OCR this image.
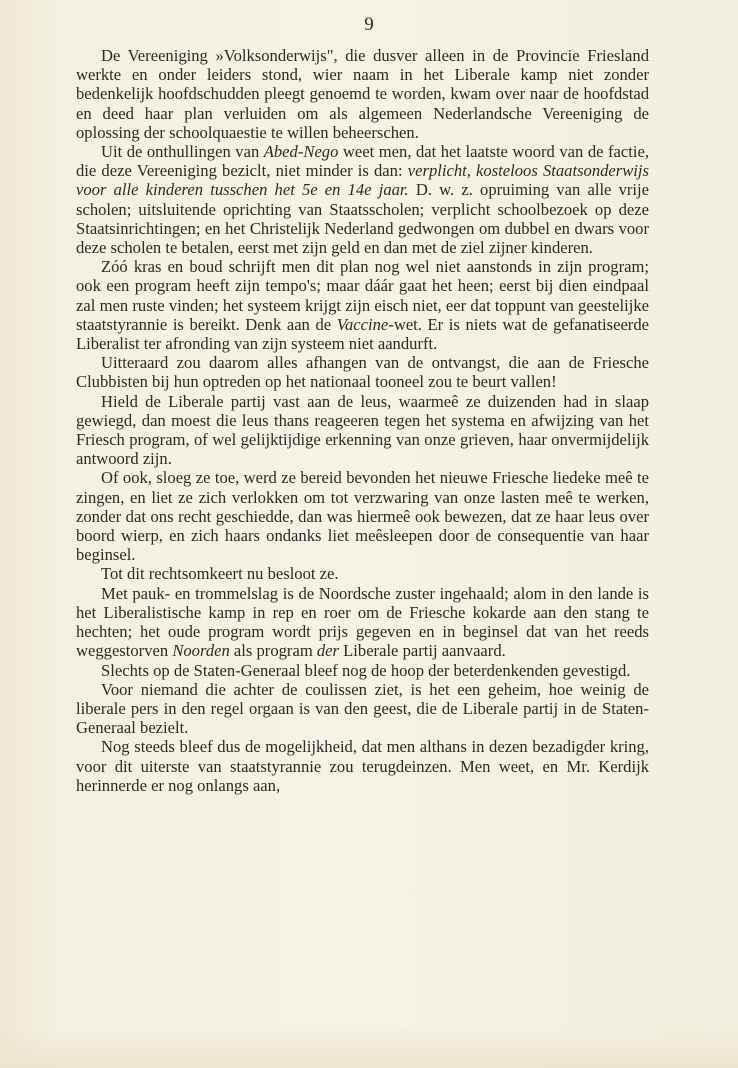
9

De Vereeniging »Volksonderwijs", die dusver alleen in de Provincie Friesland werkte en onder leiders stond, wier naam in het Liberale kamp niet zonder bedenkelijk hoofdschudden pleegt genoemd te worden, kwam over naar de hoofdstad en deed haar plan verluiden om als algemeen Nederlandsche Vereeniging de oplossing der schoolquaestie te willen beheerschen.

Uit de onthullingen van Abed-Nego weet men, dat het laatste woord van de factie, die deze Vereeniging beziclt, niet minder is dan: verplicht, kosteloos Staatsonderwijs voor alle kinderen tusschen het 5e en 14e jaar. D. w. z. opruiming van alle vrije scholen; uitsluitende oprichting van Staatsscholen; verplicht schoolbezoek op deze Staatsinrichtingen; en het Christelijk Nederland gedwongen om dubbel en dwars voor deze scholen te betalen, eerst met zijn geld en dan met de ziel zijner kinderen.

Zóó kras en boud schrijft men dit plan nog wel niet aanstonds in zijn program; ook een program heeft zijn tempo's; maar dáár gaat het heen; eerst bij dien eindpaal zal men ruste vinden; het systeem krijgt zijn eisch niet, eer dat toppunt van geestelijke staatstyrannie is bereikt. Denk aan de Vaccine-wet. Er is niets wat de gefanatiseerde Liberalist ter afronding van zijn systeem niet aandurft.

Uitteraard zou daarom alles afhangen van de ontvangst, die aan de Friesche Clubbisten bij hun optreden op het nationaal tooneel zou te beurt vallen!

Hield de Liberale partij vast aan de leus, waarmeê ze duizenden had in slaap gewiegd, dan moest die leus thans reageeren tegen het systema en afwijzing van het Friesch program, of wel gelijktijdige erkenning van onze grieven, haar onvermijdelijk antwoord zijn.

Of ook, sloeg ze toe, werd ze bereid bevonden het nieuwe Friesche liedeke meê te zingen, en liet ze zich verlokken om tot verzwaring van onze lasten meê te werken, zonder dat ons recht geschiedde, dan was hiermeê ook bewezen, dat ze haar leus over boord wierp, en zich haars ondanks liet meêsleepen door de consequentie van haar beginsel.

Tot dit rechtsomkeert nu besloot ze.

Met pauk- en trommelslag is de Noordsche zuster ingehaald; alom in den lande is het Liberalistische kamp in rep en roer om de Friesche kokarde aan den stang te hechten; het oude program wordt prijs gegeven en in beginsel dat van het reeds weggestorven Noorden als program der Liberale partij aanvaard.

Slechts op de Staten-Generaal bleef nog de hoop der beterdenkenden gevestigd.

Voor niemand die achter de coulissen ziet, is het een geheim, hoe weinig de liberale pers in den regel orgaan is van den geest, die de Liberale partij in de Staten-Generaal bezielt.

Nog steeds bleef dus de mogelijkheid, dat men althans in dezen bezadigder kring, voor dit uiterste van staatstyrannie zou terugdeinzen. Men weet, en Mr. Kerdijk herinnerde er nog onlangs aan,
